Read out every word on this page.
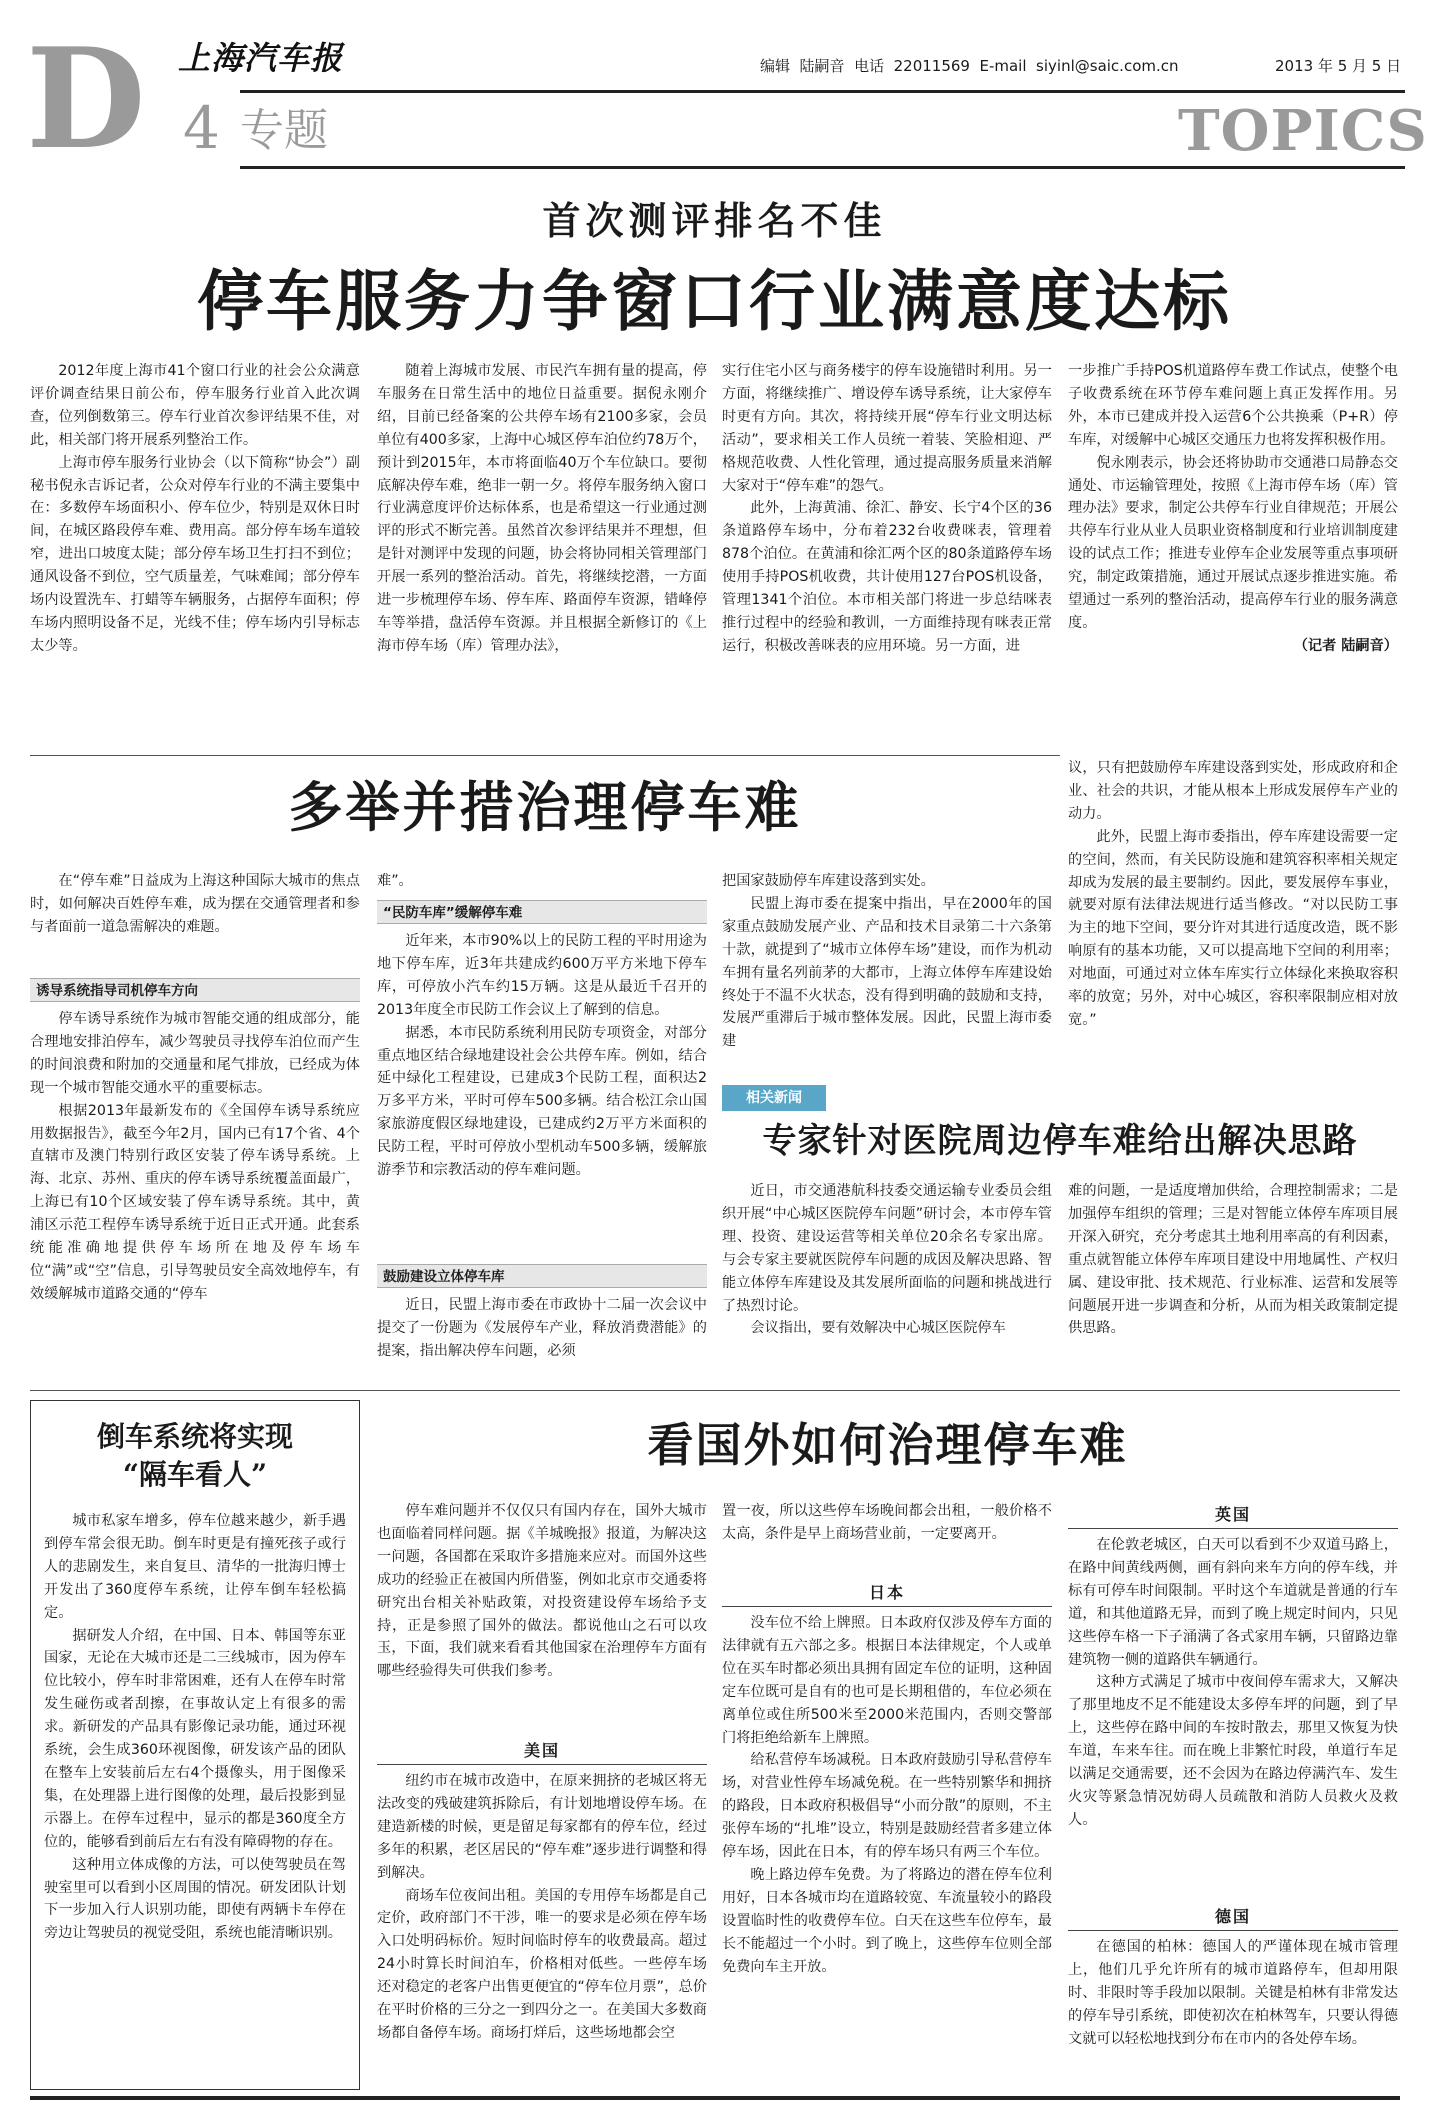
D 4 专题
上海汽车报	编辑  陆嗣音  电话  22011569  E-mail  siyinl@saic.com.cn	2013 年 5 月 5 日
TOPICS
首次测评排名不佳
停车服务力争窗口行业满意度达标

2012年度上海市41个窗口行业的社会公众满意评价调查结果日前公布，停车服务行业首入此次调查，位列倒数第三。停车行业首次参评结果不佳，对此，相关部门将开展系列整治工作。

上海市停车服务行业协会（以下简称“协会”）副秘书倪永吉诉记者，公众对停车行业的不满主要集中在：多数停车场面积小、停车位少，特别是双休日时间，在城区路段停车难、费用高。部分停车场车道较窄，进出口坡度太陡；部分停车场卫生打扫不到位；通风设备不到位，空气质量差，气味难闻；部分停车场内设置洗车、打蜡等车辆服务，占据停车面积；停车场内照明设备不足，光线不佳；停车场内引导标志太少等。

随着上海城市发展、市民汽车拥有量的提高，停车服务在日常生活中的地位日益重要。据倪永刚介绍，目前已经备案的公共停车场有2100多家，会员单位有400多家，上海中心城区停车泊位约78万个，预计到2015年，本市将面临40万个车位缺口。要彻底解决停车难，绝非一朝一夕。将停车服务纳入窗口行业满意度评价达标体系，也是希望这一行业通过测评的形式不断完善。虽然首次参评结果并不理想，但是针对测评中发现的问题，协会将协同相关管理部门开展一系列的整治活动。首先，将继续挖潜，一方面进一步梳理停车场、停车库、路面停车资源，错峰停车等举措，盘活停车资源。并且根据全新修订的《上海市停车场（库）管理办法》，

实行住宅小区与商务楼宇的停车设施错时利用。另一方面，将继续推广、增设停车诱导系统，让大家停车时更有方向。其次，将持续开展“停车行业文明达标活动”，要求相关工作人员统一着装、笑脸相迎、严格规范收费、人性化管理，通过提高服务质量来消解大家对于“停车难”的怨气。

此外，上海黄浦、徐汇、静安、长宁4个区的36条道路停车场中，分布着232台收费咪表，管理着878个泊位。在黄浦和徐汇两个区的80条道路停车场使用手持POS机收费，共计使用127台POS机设备，管理1341个泊位。本市相关部门将进一步总结咪表推行过程中的经验和教训，一方面维持现有咪表正常运行，积极改善咪表的应用环境。另一方面，进

一步推广手持POS机道路停车费工作试点，使整个电子收费系统在环节停车难问题上真正发挥作用。另外，本市已建成并投入运营6个公共换乘（P+R）停车库，对缓解中心城区交通压力也将发挥积极作用。

倪永刚表示，协会还将协助市交通港口局静态交通处、市运输管理处，按照《上海市停车场（库）管理办法》要求，制定公共停车行业自律规范；开展公共停车行业从业人员职业资格制度和行业培训制度建设的试点工作；推进专业停车企业发展等重点事项研究，制定政策措施，通过开展试点逐步推进实施。希望通过一系列的整治活动，提高停车行业的服务满意度。

（记者 陆嗣音）

多举并措治理停车难

在“停车难”日益成为上海这种国际大城市的焦点时，如何解决百姓停车难，成为摆在交通管理者和参与者面前一道急需解决的难题。

诱导系统指导司机停车方向

停车诱导系统作为城市智能交通的组成部分，能合理地安排泊停车，减少驾驶员寻找停车泊位而产生的时间浪费和附加的交通量和尾气排放，已经成为体现一个城市智能交通水平的重要标志。

根据2013年最新发布的《全国停车诱导系统应用数据报告》，截至今年2月，国内已有17个省、4个直辖市及澳门特别行政区安装了停车诱导系统。上海、北京、苏州、重庆的停车诱导系统覆盖面最广，上海已有10个区域安装了停车诱导系统。其中，黄浦区示范工程停车诱导系统于近日正式开通。此套系统能准确地提供停车场所在地及停车场车位“满”或“空”信息，引导驾驶员安全高效地停车，有效缓解城市道路交通的“停车

难”。

“民防车库”缓解停车难

近年来，本市90%以上的民防工程的平时用途为地下停车库，近3年共建成约600万平方米地下停车库，可停放小汽车约15万辆。这是从最近千召开的2013年度全市民防工作会议上了解到的信息。

据悉，本市民防系统利用民防专项资金，对部分重点地区结合绿地建设社会公共停车库。例如，结合延中绿化工程建设，已建成3个民防工程，面积达2万多平方米，平时可停车500多辆。结合松江佘山国家旅游度假区绿地建设，已建成约2万平方米面积的民防工程，平时可停放小型机动车500多辆，缓解旅游季节和宗教活动的停车难问题。

鼓励建设立体停车库

近日，民盟上海市委在市政协十二届一次会议中提交了一份题为《发展停车产业，释放消费潜能》的提案，指出解决停车问题，必须

把国家鼓励停车库建设落到实处。

民盟上海市委在提案中指出，早在2000年的国家重点鼓励发展产业、产品和技术目录第二十六条第十款，就提到了“城市立体停车场”建设，而作为机动车拥有量名列前茅的大都市，上海立体停车库建设始终处于不温不火状态，没有得到明确的鼓励和支持，发展严重滞后于城市整体发展。因此，民盟上海市委建

议，只有把鼓励停车库建设落到实处，形成政府和企业、社会的共识，才能从根本上形成发展停车产业的动力。

此外，民盟上海市委指出，停车库建设需要一定的空间，然而，有关民防设施和建筑容积率相关规定却成为发展的最主要制约。因此，要发展停车事业，就要对原有法律法规进行适当修改。“对以民防工事为主的地下空间，要分许对其进行适度改造，既不影响原有的基本功能，又可以提高地下空间的利用率；对地面，可通过对立体车库实行立体绿化来换取容积率的放宽；另外，对中心城区，容积率限制应相对放宽。”

相关新闻
专家针对医院周边停车难给出解决思路

近日，市交通港航科技委交通运输专业委员会组织开展“中心城区医院停车问题”研讨会，本市停车管理、投资、建设运营等相关单位20余名专家出席。与会专家主要就医院停车问题的成因及解决思路、智能立体停车库建设及其发展所面临的问题和挑战进行了热烈讨论。

会议指出，要有效解决中心城区医院停车

难的问题，一是适度增加供给，合理控制需求；二是加强停车组织的管理；三是对智能立体停车库项目展开深入研究，充分考虑其土地利用率高的有利因素，重点就智能立体停车库项目建设中用地属性、产权归属、建设审批、技术规范、行业标准、运营和发展等问题展开进一步调查和分析，从而为相关政策制定提供思路。

倒车系统将实现
“隔车看人”

城市私家车增多，停车位越来越少，新手遇到停车常会很无助。倒车时更是有撞死孩子或行人的悲剧发生，来自复旦、清华的一批海归博士开发出了360度停车系统，让停车倒车轻松搞定。

据研发人介绍，在中国、日本、韩国等东亚国家，无论在大城市还是二三线城市，因为停车位比较小，停车时非常困难，还有人在停车时常发生碰伤或者刮擦，在事故认定上有很多的需求。新研发的产品具有影像记录功能，通过环视系统，会生成360环视图像，研发该产品的团队在整车上安装前后左右4个摄像头，用于图像采集，在处理器上进行图像的处理，最后投影到显示器上。在停车过程中，显示的都是360度全方位的，能够看到前后左右有没有障碍物的存在。

这种用立体成像的方法，可以使驾驶员在驾驶室里可以看到小区周围的情况。研发团队计划下一步加入行人识别功能，即使有两辆卡车停在旁边让驾驶员的视觉受阻，系统也能清晰识别。

看国外如何治理停车难

停车难问题并不仅仅只有国内存在，国外大城市也面临着同样问题。据《羊城晚报》报道，为解决这一问题，各国都在采取许多措施来应对。而国外这些成功的经验正在被国内所借鉴，例如北京市交通委将研究出台相关补贴政策，对投资建设停车场给予支持，正是参照了国外的做法。都说他山之石可以攻玉，下面，我们就来看看其他国家在治理停车方面有哪些经验得失可供我们参考。

美国

纽约市在城市改造中，在原来拥挤的老城区将无法改变的残破建筑拆除后，有计划地增设停车场。在建造新楼的时候，更是留足每家都有的停车位，经过多年的积累，老区居民的“停车难”逐步进行调整和得到解决。

商场车位夜间出租。美国的专用停车场都是自己定价，政府部门不干涉，唯一的要求是必须在停车场入口处明码标价。短时间临时停车的收费最高。超过24小时算长时间泊车，价格相对低些。一些停车场还对稳定的老客户出售更便宜的“停车位月票”，总价在平时价格的三分之一到四分之一。在美国大多数商场都自备停车场。商场打烊后，这些场地都会空

置一夜，所以这些停车场晚间都会出租，一般价格不太高，条件是早上商场营业前，一定要离开。

日本

没车位不给上牌照。日本政府仅涉及停车方面的法律就有五六部之多。根据日本法律规定，个人或单位在买车时都必须出具拥有固定车位的证明，这种固定车位既可是自有的也可是长期租借的，车位必须在离单位或住所500米至2000米范围内，否则交警部门将拒绝给新车上牌照。

给私营停车场减税。日本政府鼓励引导私营停车场，对营业性停车场减免税。在一些特别繁华和拥挤的路段，日本政府积极倡导“小而分散”的原则，不主张停车场的“扎堆”设立，特别是鼓励经营者多建立体停车场，因此在日本，有的停车场只有两三个车位。

晚上路边停车免费。为了将路边的潜在停车位利用好，日本各城市均在道路较宽、车流量较小的路段设置临时性的收费停车位。白天在这些车位停车，最长不能超过一个小时。到了晚上，这些停车位则全部免费向车主开放。

英国

在伦敦老城区，白天可以看到不少双道马路上，在路中间黄线两侧，画有斜向来车方向的停车线，并标有可停车时间限制。平时这个车道就是普通的行车道，和其他道路无异，而到了晚上规定时间内，只见这些停车格一下子涌满了各式家用车辆，只留路边靠建筑物一侧的道路供车辆通行。

这种方式满足了城市中夜间停车需求大，又解决了那里地皮不足不能建设太多停车坪的问题，到了早上，这些停在路中间的车按时散去，那里又恢复为快车道，车来车往。而在晚上非繁忙时段，单道行车足以满足交通需要，还不会因为在路边停满汽车、发生火灾等紧急情况妨碍人员疏散和消防人员救火及救人。

德国

在德国的柏林：德国人的严谨体现在城市管理上，他们几乎允许所有的城市道路停车，但却用限时、非限时等手段加以限制。关键是柏林有非常发达的停车导引系统，即使初次在柏林驾车，只要认得德文就可以轻松地找到分布在市内的各处停车场。
